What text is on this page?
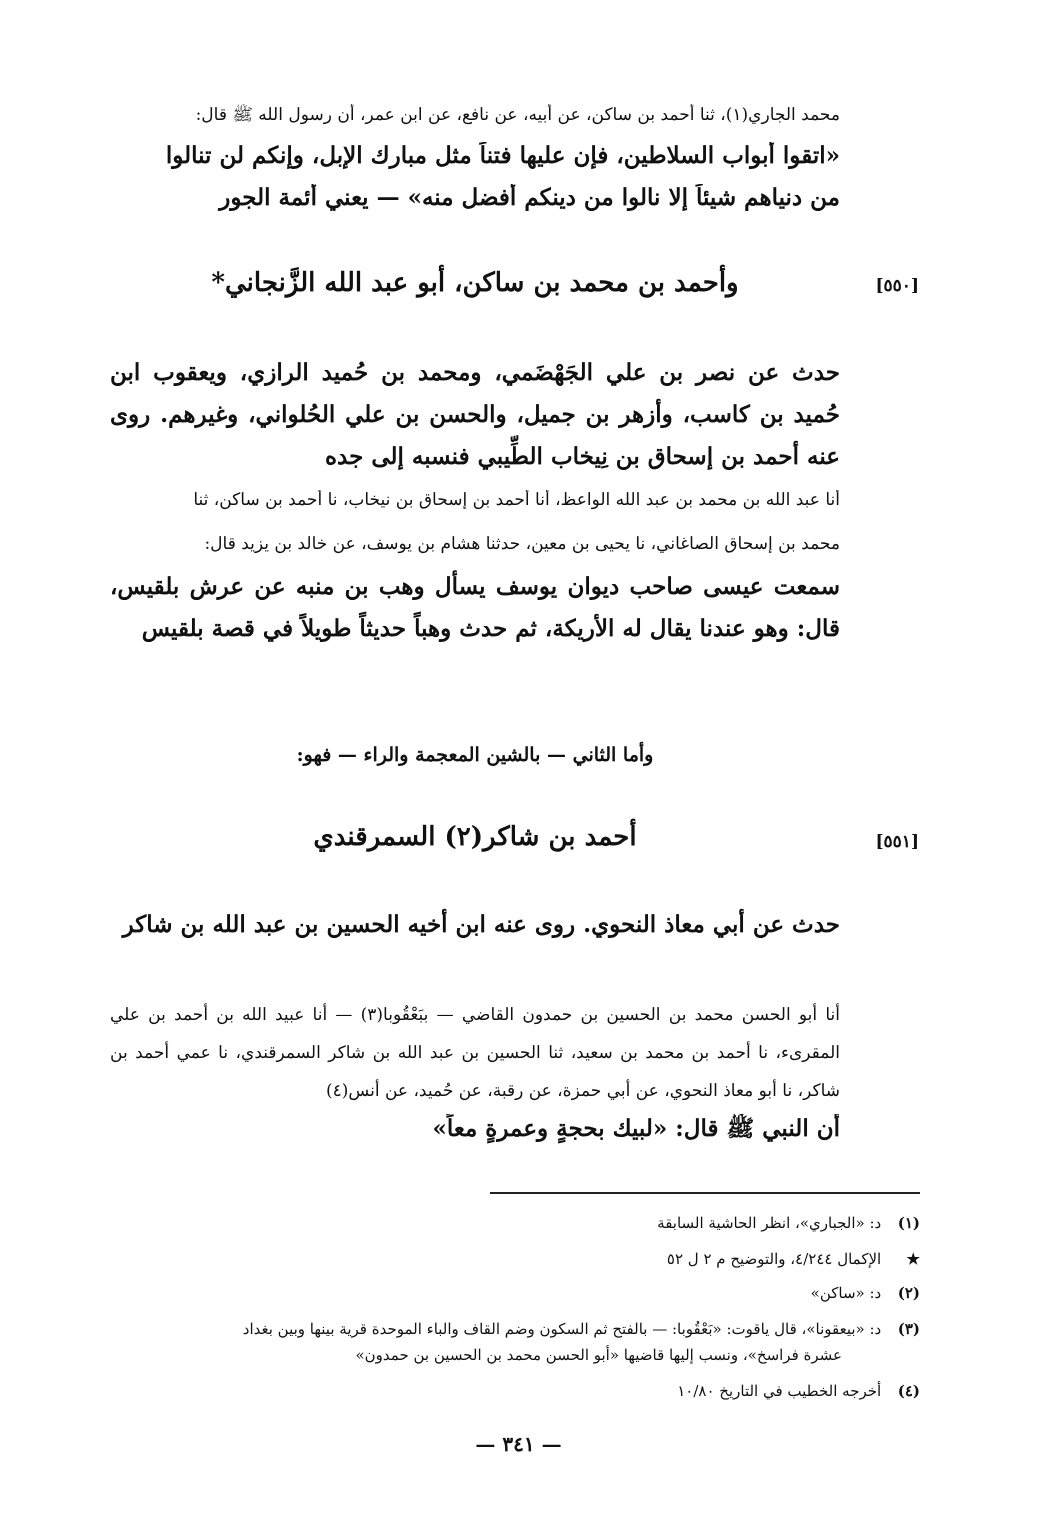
محمد الجاري(١)، ثنا أحمد بن ساكن، عن أبيه، عن نافع، عن ابن عمر، أن رسول الله ﷺ قال:
«اتقوا أبواب السلاطين، فإن عليها فتناً مثل مبارك الإبل، وإنكم لن تنالوا
من دنياهم شيئاً إلا نالوا من دينكم أفضل منه» — يعني أئمة الجور
[٥٥٠]
وأحمد بن محمد بن ساكن، أبو عبد الله الزَّنجاني*
حدث عن نصر بن علي الجَهْضَمي، ومحمد بن حُميد الرازي، ويعقوب ابن حُميد بن كاسب، وأزهر بن جميل، والحسن بن علي الحُلواني، وغيرهم. روى عنه أحمد بن إسحاق بن نِيخاب الطِّيبي فنسبه إلى جده
أنا عبد الله بن محمد بن عبد الله الواعظ، أنا أحمد بن إسحاق بن نيخاب، نا أحمد بن ساكن، ثنا
محمد بن إسحاق الصاغاني، نا يحيى بن معين، حدثنا هشام بن يوسف، عن خالد بن يزيد قال:
سمعت عيسى صاحب ديوان يوسف يسأل وهب بن منبه عن عرش بلقيس، قال: وهو عندنا يقال له الأريكة، ثم حدث وهباً حديثاً طويلاً في قصة بلقيس
وأما الثاني — بالشين المعجمة والراء — فهو:
[٥٥١]
أحمد بن شاكر(٢) السمرقندي
حدث عن أبي معاذ النحوي. روى عنه ابن أخيه الحسين بن عبد الله بن شاكر
أنا أبو الحسن محمد بن الحسين بن حمدون القاضي — ببَعْقُوبا(٣) — أنا عبيد الله بن أحمد بن علي المقرىء، نا أحمد بن محمد بن سعيد، ثنا الحسين بن عبد الله بن شاكر السمرقندي، نا عمي أحمد بن شاكر، نا أبو معاذ النحوي، عن أبي حمزة، عن رقبة، عن حُميد، عن أنس(٤)
أن النبي ﷺ قال: «لبيك بحجةٍ وعمرةٍ معاً»
(١) د: «الجباري»، انظر الحاشية السابقة
★ الإكمال ٤/٢٤٤، والتوضيح م ٢ ل ٥٢
(٢) د: «ساكن»
(٣) د: «بيعقونا»، قال ياقوت: «بَعْقُوبا: — بالفتح ثم السكون وضم القاف والباء الموحدة قرية بينها وبين بغداد
عشرة فراسخ»، ونسب إليها قاضيها «أبو الحسن محمد بن الحسين بن حمدون»
(٤) أخرجه الخطيب في التاريخ ١٠/٨٠
— ٣٤١ —
